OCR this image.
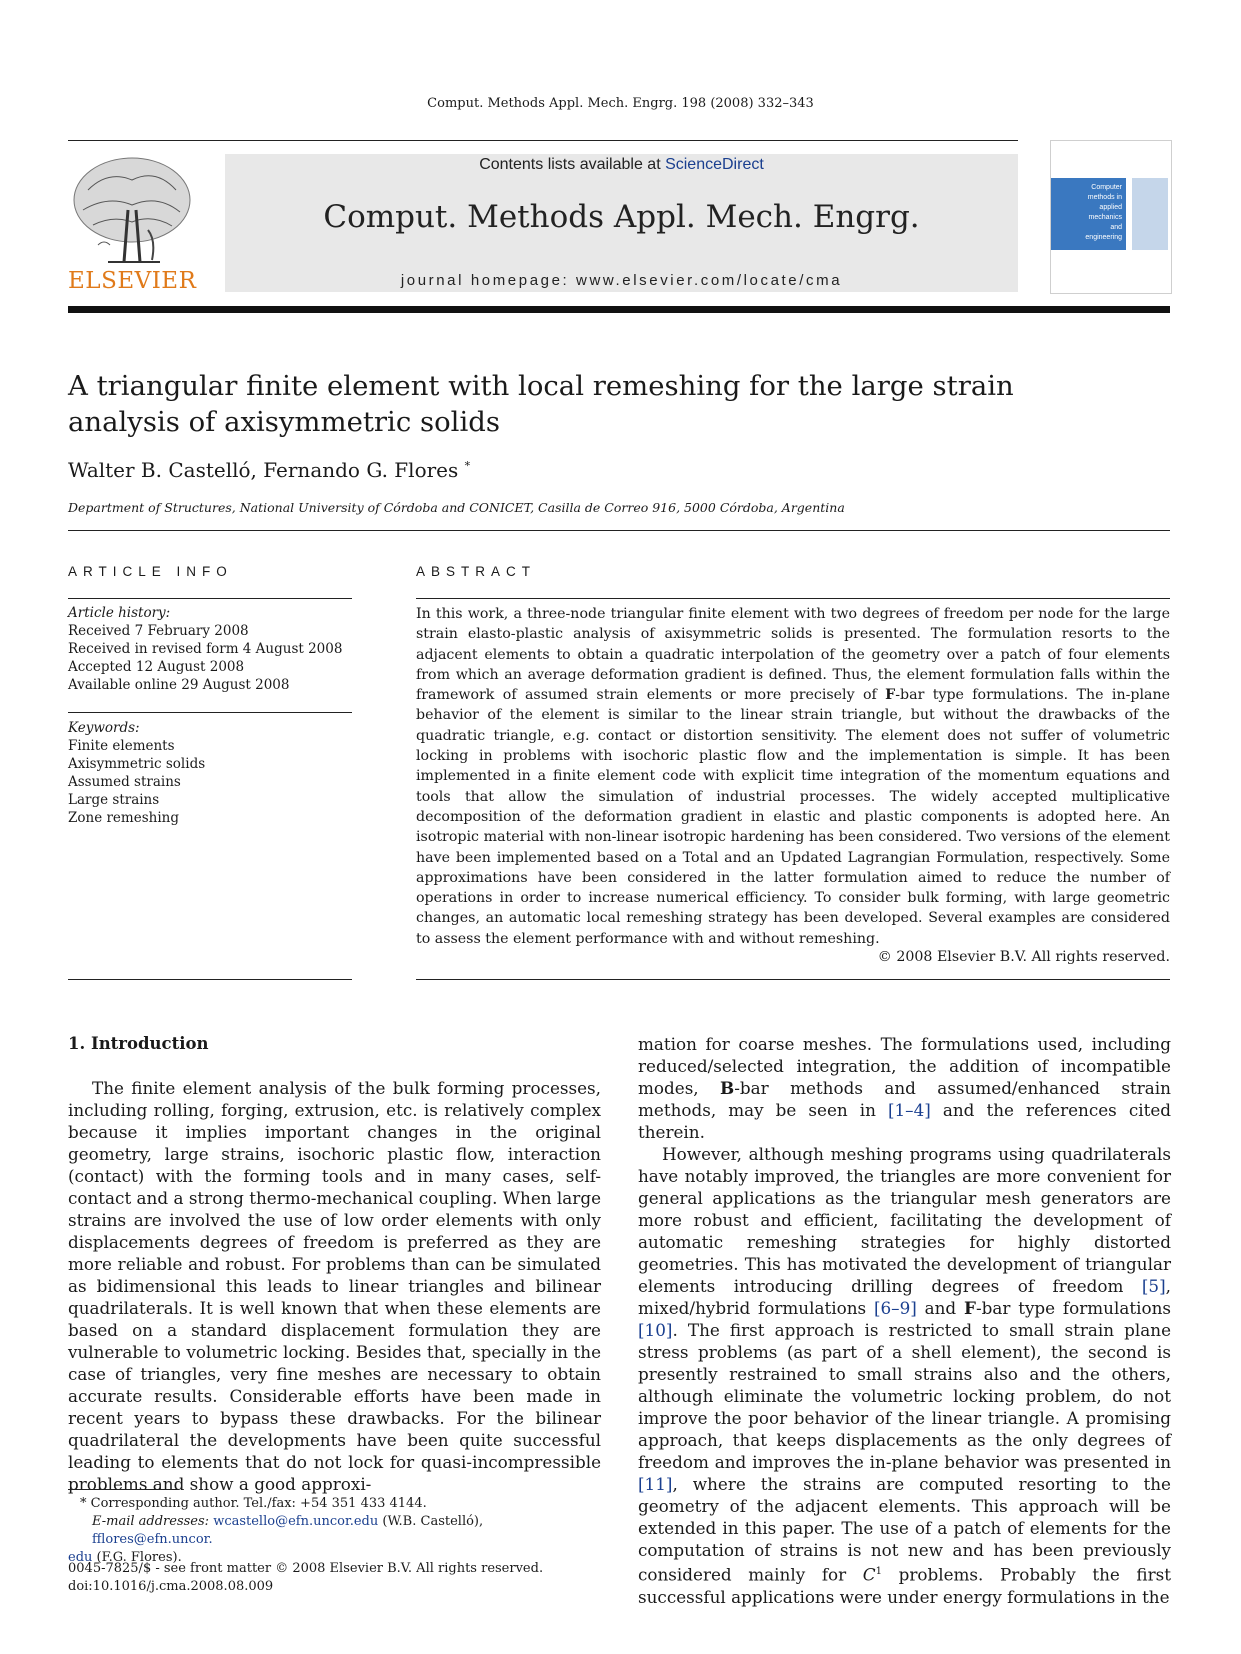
Comput. Methods Appl. Mech. Engrg. 198 (2008) 332–343
ELSEVIER
Contents lists available at ScienceDirect
Comput. Methods Appl. Mech. Engrg.
journal homepage: www.elsevier.com/locate/cma
Computer
methods in
applied
mechanics
and
engineering
A triangular finite element with local remeshing for the large strain analysis of axisymmetric solids
Walter B. Castelló, Fernando G. Flores *
Department of Structures, National University of Córdoba and CONICET, Casilla de Correo 916, 5000 Córdoba, Argentina
ARTICLE INFO	ABSTRACT
Article history:
Received 7 February 2008
Received in revised form 4 August 2008
Accepted 12 August 2008
Available online 29 August 2008
Keywords:
Finite elements
Axisymmetric solids
Assumed strains
Large strains
Zone remeshing
In this work, a three-node triangular finite element with two degrees of freedom per node for the large strain elasto-plastic analysis of axisymmetric solids is presented. The formulation resorts to the adjacent elements to obtain a quadratic interpolation of the geometry over a patch of four elements from which an average deformation gradient is defined. Thus, the element formulation falls within the framework of assumed strain elements or more precisely of F-bar type formulations. The in-plane behavior of the element is similar to the linear strain triangle, but without the drawbacks of the quadratic triangle, e.g. contact or distortion sensitivity. The element does not suffer of volumetric locking in problems with isochoric plastic flow and the implementation is simple. It has been implemented in a finite element code with explicit time integration of the momentum equations and tools that allow the simulation of industrial processes. The widely accepted multiplicative decomposition of the deformation gradient in elastic and plastic components is adopted here. An isotropic material with non-linear isotropic hardening has been considered. Two versions of the element have been implemented based on a Total and an Updated Lagrangian Formulation, respectively. Some approximations have been considered in the latter formulation aimed to reduce the number of operations in order to increase numerical efficiency. To consider bulk forming, with large geometric changes, an automatic local remeshing strategy has been developed. Several examples are considered to assess the element performance with and without remeshing.
© 2008 Elsevier B.V. All rights reserved.
1. Introduction
The finite element analysis of the bulk forming processes, including rolling, forging, extrusion, etc. is relatively complex because it implies important changes in the original geometry, large strains, isochoric plastic flow, interaction (contact) with the forming tools and in many cases, self-contact and a strong thermo-mechanical coupling. When large strains are involved the use of low order elements with only displacements degrees of freedom is preferred as they are more reliable and robust. For problems than can be simulated as bidimensional this leads to linear triangles and bilinear quadrilaterals. It is well known that when these elements are based on a standard displacement formulation they are vulnerable to volumetric locking. Besides that, specially in the case of triangles, very fine meshes are necessary to obtain accurate results. Considerable efforts have been made in recent years to bypass these drawbacks. For the bilinear quadrilateral the developments have been quite successful leading to elements that do not lock for quasi-incompressible problems and show a good approxi-

mation for coarse meshes. The formulations used, including reduced/selected integration, the addition of incompatible modes, B-bar methods and assumed/enhanced strain methods, may be seen in [1–4] and the references cited therein.

However, although meshing programs using quadrilaterals have notably improved, the triangles are more convenient for general applications as the triangular mesh generators are more robust and efficient, facilitating the development of automatic remeshing strategies for highly distorted geometries. This has motivated the development of triangular elements introducing drilling degrees of freedom [5], mixed/hybrid formulations [6–9] and F-bar type formulations [10]. The first approach is restricted to small strain plane stress problems (as part of a shell element), the second is presently restrained to small strains also and the others, although eliminate the volumetric locking problem, do not improve the poor behavior of the linear triangle. A promising approach, that keeps displacements as the only degrees of freedom and improves the in-plane behavior was presented in [11], where the strains are computed resorting to the geometry of the adjacent elements. This approach will be extended in this paper. The use of a patch of elements for the computation of strains is not new and has been previously considered mainly for $C^1$ problems. Probably the first successful applications were under energy formulations in the

* Corresponding author. Tel./fax: +54 351 433 4144.
E-mail addresses: wcastello@efn.uncor.edu (W.B. Castelló), fflores@efn.uncor.
edu (F.G. Flores).
0045-7825/$ - see front matter © 2008 Elsevier B.V. All rights reserved.
doi:10.1016/j.cma.2008.08.009
